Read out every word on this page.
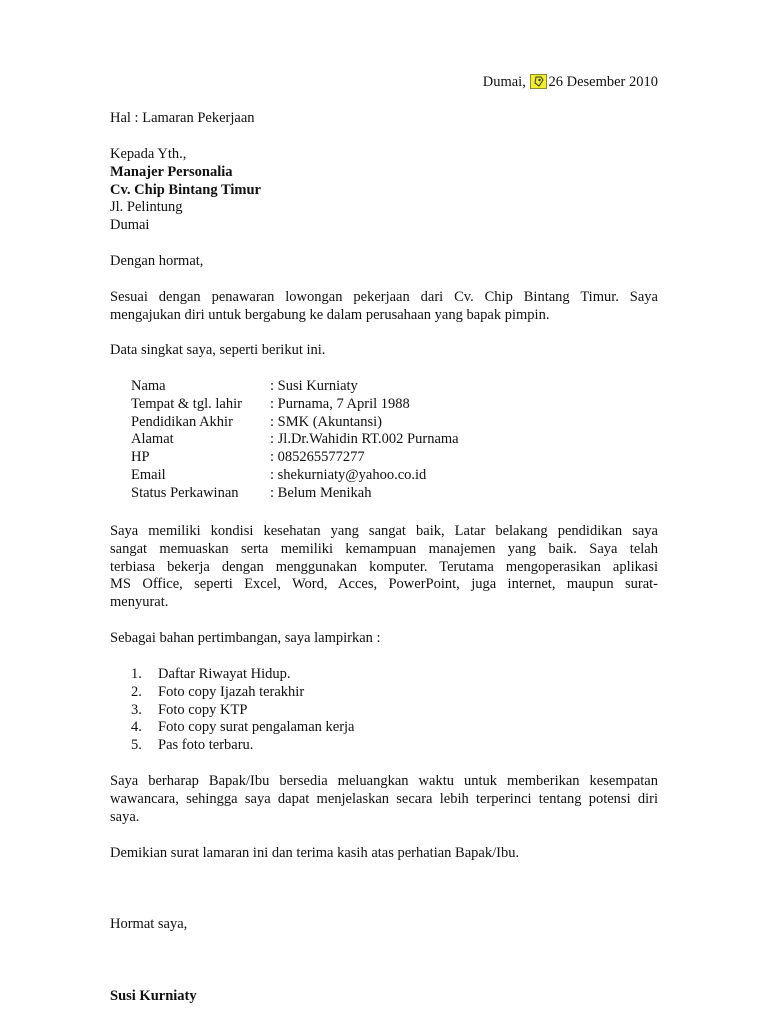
Dumai, 26 Desember 2010
Hal : Lamaran Pekerjaan
Kepada Yth.,
Manajer Personalia
Cv. Chip Bintang Timur
Jl. Pelintung
Dumai
Dengan hormat,
Sesuai dengan penawaran lowongan pekerjaan dari Cv. Chip Bintang Timur. Saya
mengajukan diri untuk bergabung ke dalam perusahaan yang bapak pimpin.
Data singkat saya, seperti berikut ini.
Nama	: Susi Kurniaty
Tempat & tgl. lahir	: Purnama, 7 April 1988
Pendidikan Akhir	: SMK (Akuntansi)
Alamat	: Jl.Dr.Wahidin RT.002 Purnama
HP	: 085265577277
Email	: shekurniaty@yahoo.co.id
Status Perkawinan	: Belum Menikah
Saya memiliki kondisi kesehatan yang sangat baik, Latar belakang pendidikan saya
sangat memuaskan serta memiliki kemampuan manajemen yang baik. Saya telah
terbiasa bekerja dengan menggunakan komputer. Terutama mengoperasikan aplikasi
MS Office, seperti Excel, Word, Acces, PowerPoint, juga internet, maupun surat-
menyurat.
Sebagai bahan pertimbangan, saya lampirkan :
1. Daftar Riwayat Hidup.
2. Foto copy Ijazah terakhir
3. Foto copy KTP
4. Foto copy surat pengalaman kerja
5. Pas foto terbaru.
Saya berharap Bapak/Ibu bersedia meluangkan waktu untuk memberikan kesempatan
wawancara, sehingga saya dapat menjelaskan secara lebih terperinci tentang potensi diri
saya.
Demikian surat lamaran ini dan terima kasih atas perhatian Bapak/Ibu.
Hormat saya,
Susi Kurniaty
